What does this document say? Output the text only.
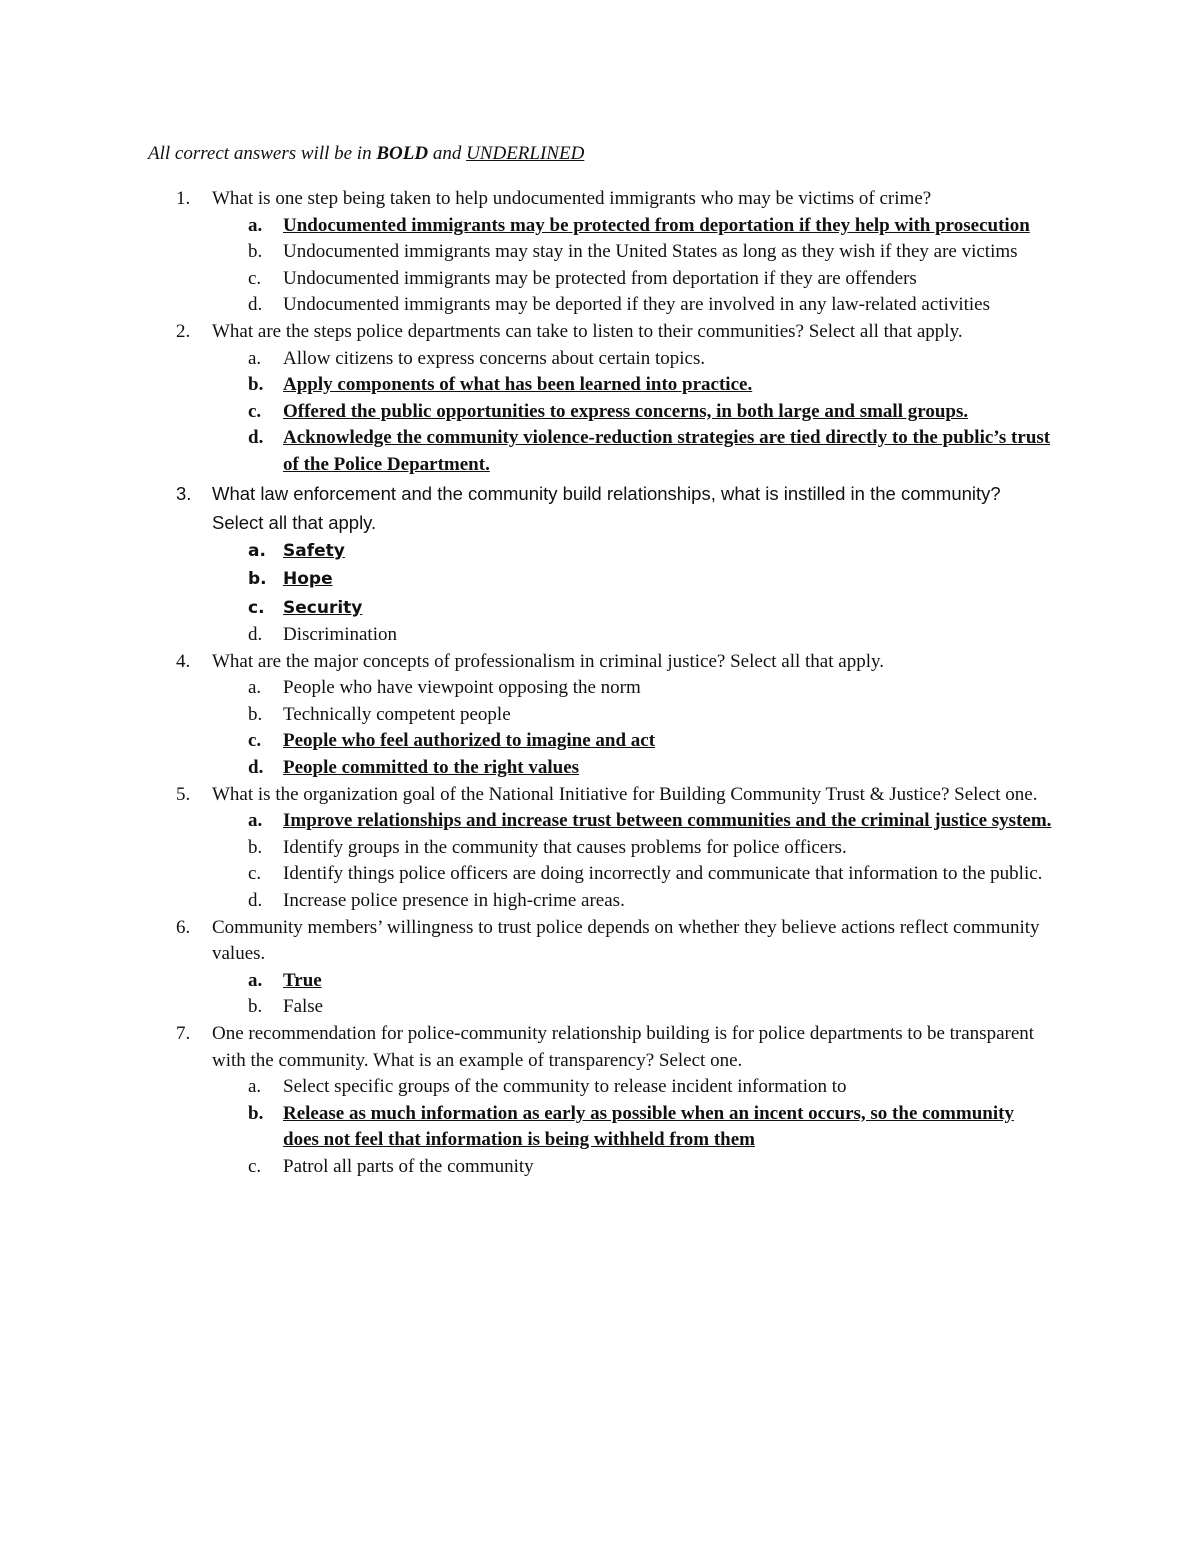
All correct answers will be in BOLD and UNDERLINED
1. What is one step being taken to help undocumented immigrants who may be victims of crime?
a. Undocumented immigrants may be protected from deportation if they help with prosecution
b. Undocumented immigrants may stay in the United States as long as they wish if they are victims
c. Undocumented immigrants may be protected from deportation if they are offenders
d. Undocumented immigrants may be deported if they are involved in any law-related activities
2. What are the steps police departments can take to listen to their communities? Select all that apply.
a. Allow citizens to express concerns about certain topics.
b. Apply components of what has been learned into practice.
c. Offered the public opportunities to express concerns, in both large and small groups.
d. Acknowledge the community violence-reduction strategies are tied directly to the public’s trust of the Police Department.
3. What law enforcement and the community build relationships, what is instilled in the community? Select all that apply.
a. Safety
b. Hope
c. Security
d. Discrimination
4. What are the major concepts of professionalism in criminal justice? Select all that apply.
a. People who have viewpoint opposing the norm
b. Technically competent people
c. People who feel authorized to imagine and act
d. People committed to the right values
5. What is the organization goal of the National Initiative for Building Community Trust & Justice? Select one.
a. Improve relationships and increase trust between communities and the criminal justice system.
b. Identify groups in the community that causes problems for police officers.
c. Identify things police officers are doing incorrectly and communicate that information to the public.
d. Increase police presence in high-crime areas.
6. Community members’ willingness to trust police depends on whether they believe actions reflect community values.
a. True
b. False
7. One recommendation for police-community relationship building is for police departments to be transparent with the community. What is an example of transparency? Select one.
a. Select specific groups of the community to release incident information to
b. Release as much information as early as possible when an incent occurs, so the community does not feel that information is being withheld from them
c. Patrol all parts of the community
